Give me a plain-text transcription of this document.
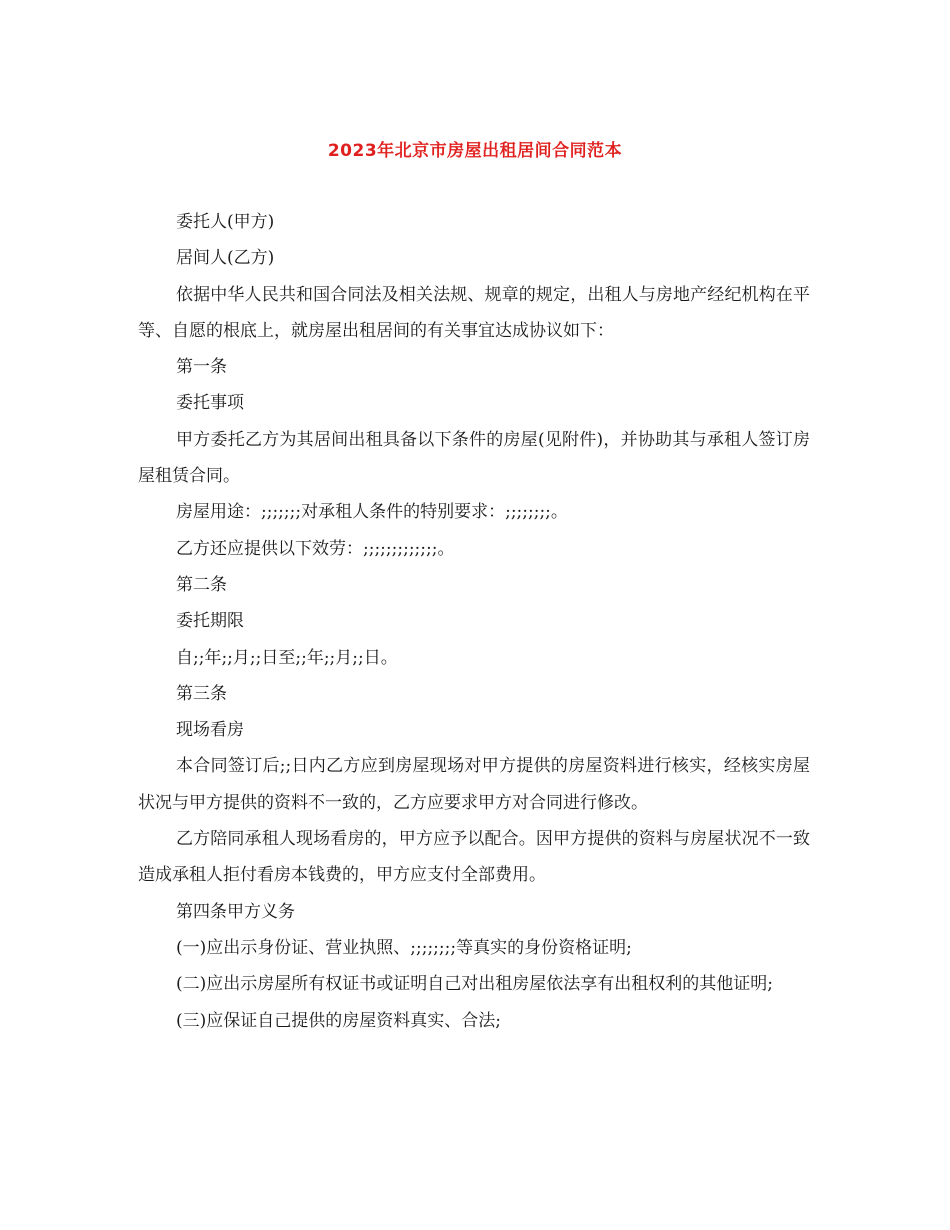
2023年北京市房屋出租居间合同范本

委托人(甲方)

居间人(乙方)

依据中华人民共和国合同法及相关法规、规章的规定，出租人与房地产经纪机构在平等、自愿的根底上，就房屋出租居间的有关事宜达成协议如下：

第一条

委托事项

甲方委托乙方为其居间出租具备以下条件的房屋(见附件)，并协助其与承租人签订房屋租赁合同。

房屋用途：;;;;;;;对承租人条件的特别要求：;;;;;;;;。

乙方还应提供以下效劳：;;;;;;;;;;;;;。

第二条

委托期限

自;;年;;月;;日至;;年;;月;;日。

第三条

现场看房

本合同签订后;;日内乙方应到房屋现场对甲方提供的房屋资料进行核实，经核实房屋状况与甲方提供的资料不一致的，乙方应要求甲方对合同进行修改。

乙方陪同承租人现场看房的，甲方应予以配合。因甲方提供的资料与房屋状况不一致造成承租人拒付看房本钱费的，甲方应支付全部费用。

第四条甲方义务

(一)应出示身份证、营业执照、;;;;;;;;等真实的身份资格证明;

(二)应出示房屋所有权证书或证明自己对出租房屋依法享有出租权利的其他证明;

(三)应保证自己提供的房屋资料真实、合法;
